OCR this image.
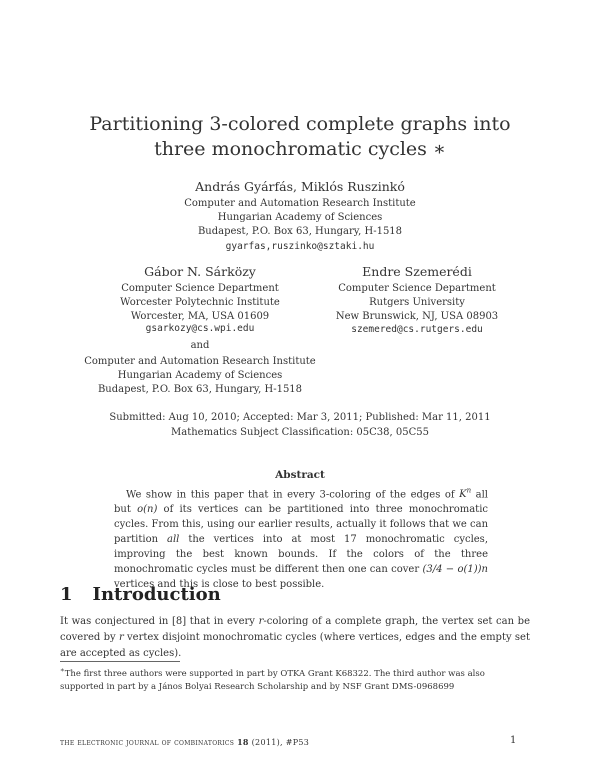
Partitioning 3-colored complete graphs into
three monochromatic cycles ∗
András Gyárfás, Miklós Ruszinkó
Computer and Automation Research Institute
Hungarian Academy of Sciences
Budapest, P.O. Box 63, Hungary, H-1518
gyarfas,ruszinko@sztaki.hu
Gábor N. Sárközy
Computer Science Department
Worcester Polytechnic Institute
Worcester, MA, USA 01609
gsarkozy@cs.wpi.edu
and
Computer and Automation Research Institute
Hungarian Academy of Sciences
Budapest, P.O. Box 63, Hungary, H-1518
Endre Szemerédi
Computer Science Department
Rutgers University
New Brunswick, NJ, USA 08903
szemered@cs.rutgers.edu
Submitted: Aug 10, 2010; Accepted: Mar 3, 2011; Published: Mar 11, 2011
Mathematics Subject Classification: 05C38, 05C55
Abstract

We show in this paper that in every 3-coloring of the edges of $K^n$ all but o(n) of its vertices can be partitioned into three monochromatic cycles. From this, using our earlier results, actually it follows that we can partition all the vertices into at most 17 monochromatic cycles, improving the best known bounds. If the colors of the three monochromatic cycles must be different then one can cover (3/4 − o(1))n vertices and this is close to best possible.

1 Introduction
It was conjectured in [8] that in every r-coloring of a complete graph, the vertex set can be covered by r vertex disjoint monochromatic cycles (where vertices, edges and the empty set are accepted as cycles).
∗The first three authors were supported in part by OTKA Grant K68322. The third author was also supported in part by a János Bolyai Research Scholarship and by NSF Grant DMS-0968699
the electronic journal of combinatorics 18 (2011), #P53	1
